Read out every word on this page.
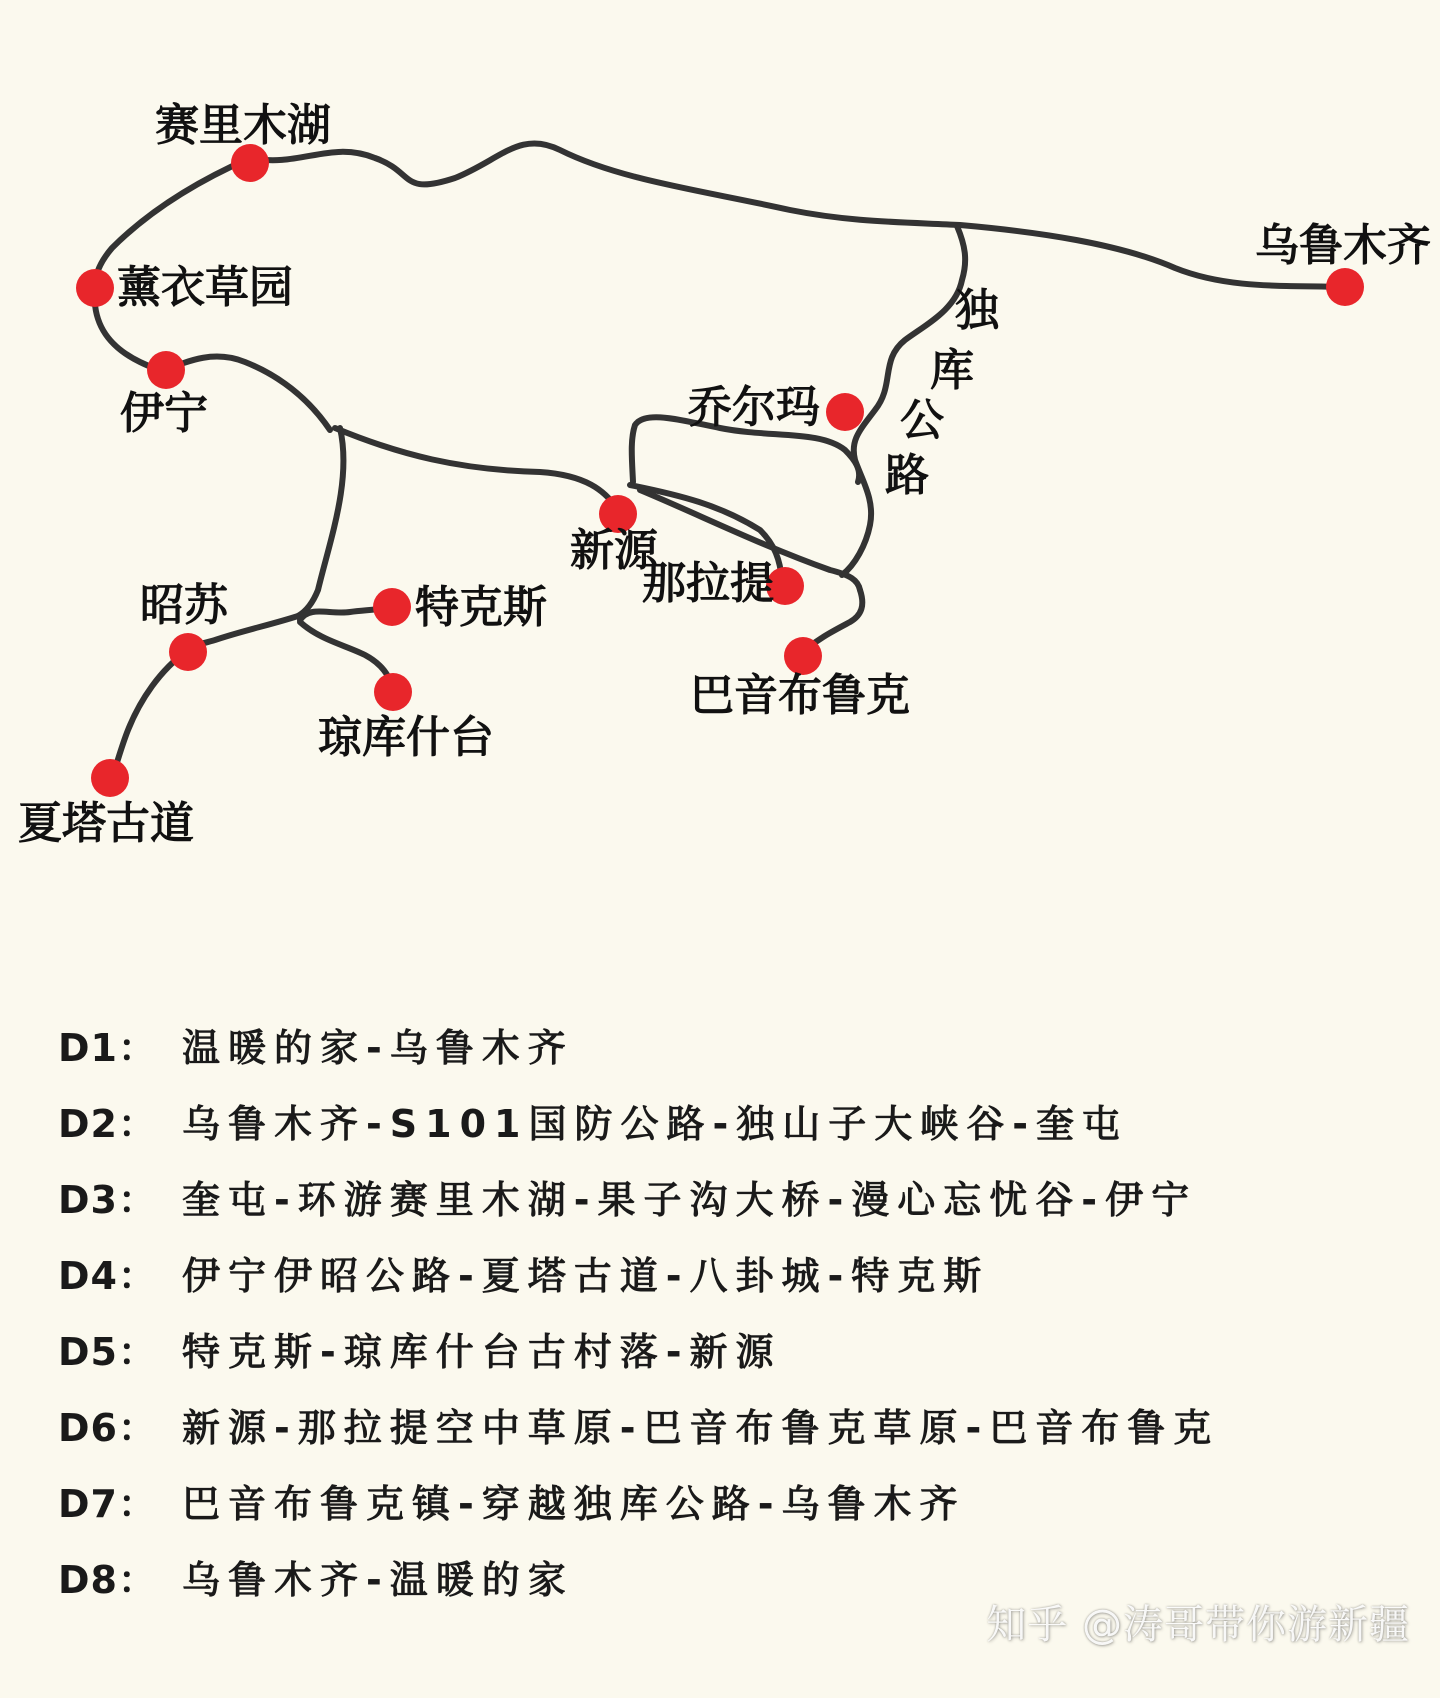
独
库
公
路
赛里木湖
薰衣草园
伊宁
乌鲁木齐
乔尔玛
新源
那拉提
巴音布鲁克
昭苏	特克斯
琼库什台
夏塔古道
D1： 温暖的家-乌鲁木齐
D2： 乌鲁木齐-S101国防公路-独山子大峡谷-奎屯
D3： 奎屯-环游赛里木湖-果子沟大桥-漫心忘忧谷-伊宁
D4： 伊宁伊昭公路-夏塔古道-八卦城-特克斯
D5： 特克斯-琼库什台古村落-新源
D6： 新源-那拉提空中草原-巴音布鲁克草原-巴音布鲁克
D7： 巴音布鲁克镇-穿越独库公路-乌鲁木齐
D8： 乌鲁木齐-温暖的家
知乎 @涛哥带你游新疆
